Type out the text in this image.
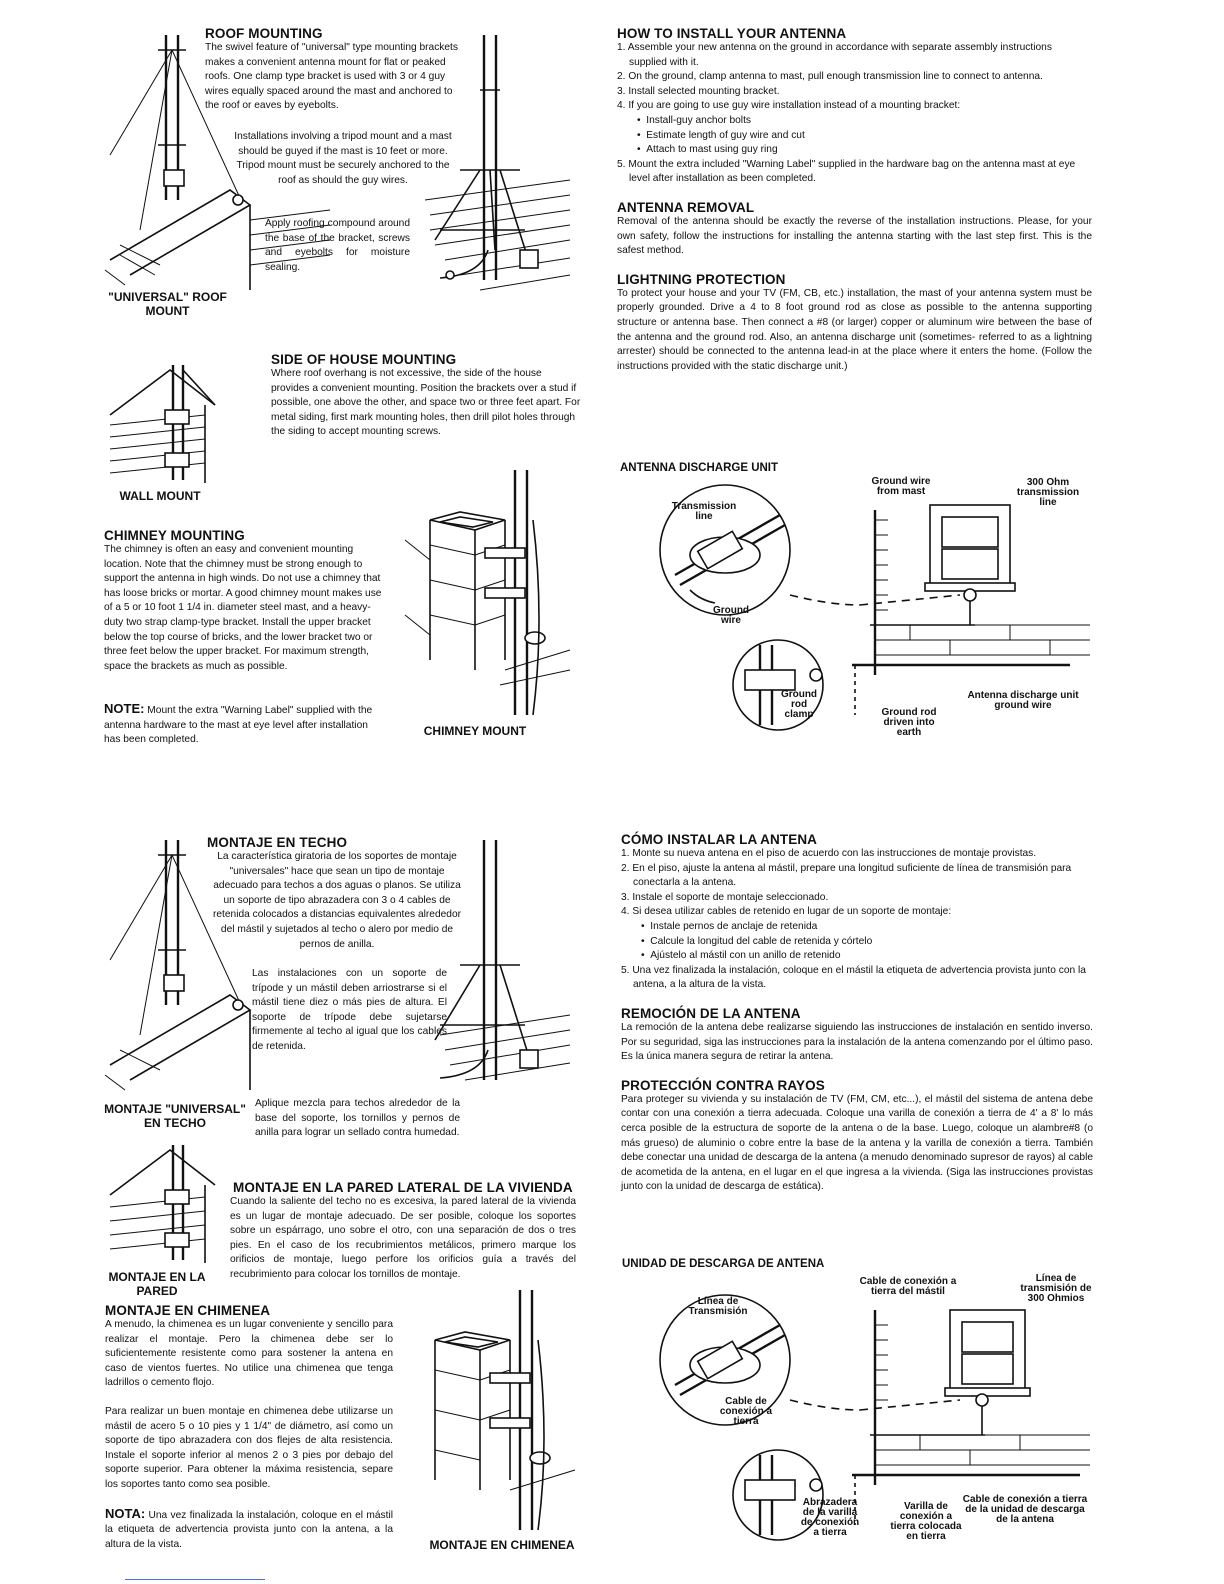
ROOF MOUNTING

The swivel feature of "universal" type mounting brackets makes a convenient antenna mount for flat or peaked roofs. One clamp type bracket is used with 3 or 4 guy wires equally spaced around the mast and anchored to the roof or eaves by eyebolts.

Installations involving a tripod mount and a mast should be guyed if the mast is 10 feet or more. Tripod mount must be securely anchored to the roof as should the guy wires.

Apply roofing compound around the base of the bracket, screws and eyebolts for moisture sealing.

"UNIVERSAL" ROOF MOUNT

SIDE OF HOUSE MOUNTING

Where roof overhang is not excessive, the side of the house provides a convenient mounting. Position the brackets over a stud if possible, one above the other, and space two or three feet apart. For metal siding, first mark mounting holes, then drill pilot holes through the siding to accept mounting screws.

WALL MOUNT

CHIMNEY MOUNTING

The chimney is often an easy and convenient mounting location. Note that the chimney must be strong enough to support the antenna in high winds. Do not use a chimney that has loose bricks or mortar. A good chimney mount makes use of a 5 or 10 foot 1 1/4 in. diameter steel mast, and a heavy-duty two strap clamp-type bracket. Install the upper bracket below the top course of bricks, and the lower bracket two or three feet below the upper bracket. For maximum strength, space the brackets as much as possible.

NOTE: Mount the extra "Warning Label" supplied with the antenna hardware to the mast at eye level after installation has been completed.

CHIMNEY MOUNT

HOW TO INSTALL YOUR ANTENNA

1. Assemble your new antenna on the ground in accordance with separate assembly instructions supplied with it.
2. On the ground, clamp antenna to mast, pull enough transmission line to connect to antenna.
3. Install selected mounting bracket.
4. If you are going to use guy wire installation instead of a mounting bracket:
•  Install-guy anchor bolts
•  Estimate length of guy wire and cut
•  Attach to mast using guy ring
5. Mount the extra included "Warning Label" supplied in the hardware bag on the antenna mast at eye level after installation as been completed.

ANTENNA REMOVAL

Removal of the antenna should be exactly the reverse of the installation instructions. Please, for your own safety, follow the instructions for installing the antenna starting with the last step first. This is the safest method.

LIGHTNING PROTECTION

To protect your house and your TV (FM, CB, etc.) installation, the mast of your antenna system must be properly grounded. Drive a 4 to 8 foot ground rod as close as possible to the antenna supporting structure or antenna base. Then connect a #8 (or larger) copper or aluminum wire between the base of the antenna and the ground rod. Also, an antenna discharge unit (sometimes- referred to as a lightning arrester) should be connected to the antenna lead-in at the place where it enters the home. (Follow the instructions provided with the static discharge unit.)

ANTENNA DISCHARGE UNIT
Ground wire from mast
300 Ohm transmission line
Transmission line
Ground wire
Ground rod clamp	Ground rod driven into earth
Antenna discharge unit ground wire

MONTAJE EN TECHO

La característica giratoria de los soportes de montaje "universales" hace que sean un tipo de montaje adecuado para techos a dos aguas o planos. Se utiliza un soporte de tipo abrazadera con 3 o 4 cables de retenida colocados a distancias equivalentes alrededor del mástil y sujetados al techo o alero por medio de pernos de anilla.

Las instalaciones con un soporte de trípode y un mástil deben arriostrarse si el mástil tiene diez o más pies de altura. El soporte de trípode debe sujetarse firmemente al techo al igual que los cables de retenida.

Aplique mezcla para techos alrededor de la base del soporte, los tornillos y pernos de anilla para lograr un sellado contra humedad.

MONTAJE "UNIVERSAL" EN TECHO

MONTAJE EN LA PARED LATERAL DE LA VIVIENDA

Cuando la saliente del techo no es excesiva, la pared lateral de la vivienda es un lugar de montaje adecuado. De ser posible, coloque los soportes sobre un espárrago, uno sobre el otro, con una separación de dos o tres pies. En el caso de los recubrimientos metálicos, primero marque los orificios de montaje, luego perfore los orificios guía a través del recubrimiento para colocar los tornillos de montaje.

MONTAJE EN LA PARED

MONTAJE EN CHIMENEA

A menudo, la chimenea es un lugar conveniente y sencillo para realizar el montaje. Pero la chimenea debe ser lo suficientemente resistente como para sostener la antena en caso de vientos fuertes. No utilice una chimenea que tenga ladrillos o cemento flojo.

Para realizar un buen montaje en chimenea debe utilizarse un mástil de acero 5 o 10 pies y 1 1/4" de diámetro, así como un soporte de tipo abrazadera con dos flejes de alta resistencia. Instale el soporte inferior al menos 2 o 3 pies por debajo del soporte superior. Para obtener la máxima resistencia, separe los soportes tanto como sea posible.

NOTA: Una vez finalizada la instalación, coloque en el mástil la etiqueta de advertencia provista junto con la antena, a la altura de la vista.	MONTAJE EN CHIMENEA

CÓMO INSTALAR LA ANTENA

1. Monte su nueva antena en el piso de acuerdo con las instrucciones de montaje provistas.
2. En el piso, ajuste la antena al mástil, prepare una longitud suficiente de línea de transmisión para conectarla a la antena.
3. Instale el soporte de montaje seleccionado.
4. Si desea utilizar cables de retenido en lugar de un soporte de montaje:
•  Instale pernos de anclaje de retenida
•  Calcule la longitud del cable de retenida y córtelo
•  Ajústelo al mástil con un anillo de retenido
5. Una vez finalizada la instalación, coloque en el mástil la etiqueta de advertencia provista junto con la antena, a la altura de la vista.

REMOCIÓN DE LA ANTENA

La remoción de la antena debe realizarse siguiendo las instrucciones de instalación en sentido inverso. Por su seguridad, siga las instrucciones para la instalación de la antena comenzando por el último paso. Es la única manera segura de retirar la antena.

PROTECCIÓN CONTRA RAYOS

Para proteger su vivienda y su instalación de TV (FM, CM, etc...), el mástil del sistema de antena debe contar con una conexión a tierra adecuada. Coloque una varilla de conexión a tierra de 4' a 8' lo más cerca posible de la estructura de soporte de la antena o de la base. Luego, coloque un alambre#8 (o más grueso) de aluminio o cobre entre la base de la antena y la varilla de conexión a tierra. También debe conectar una unidad de descarga de la antena (a menudo denominado supresor de rayos) al cable de acometida de la antena, en el lugar en el que ingresa a la vivienda. (Siga las instrucciones provistas junto con la unidad de descarga de estática).

UNIDAD DE DESCARGA DE ANTENA
Cable de conexión a tierra del mástil
Línea de transmisión de 300 Ohmios
Línea de Transmisión
Cable de conexión a tierra
Abrazadera de la varilla de conexión a tierra
Varilla de conexión a tierra colocada en tierra
Cable de conexión a tierra de la unidad de descarga de la antena
